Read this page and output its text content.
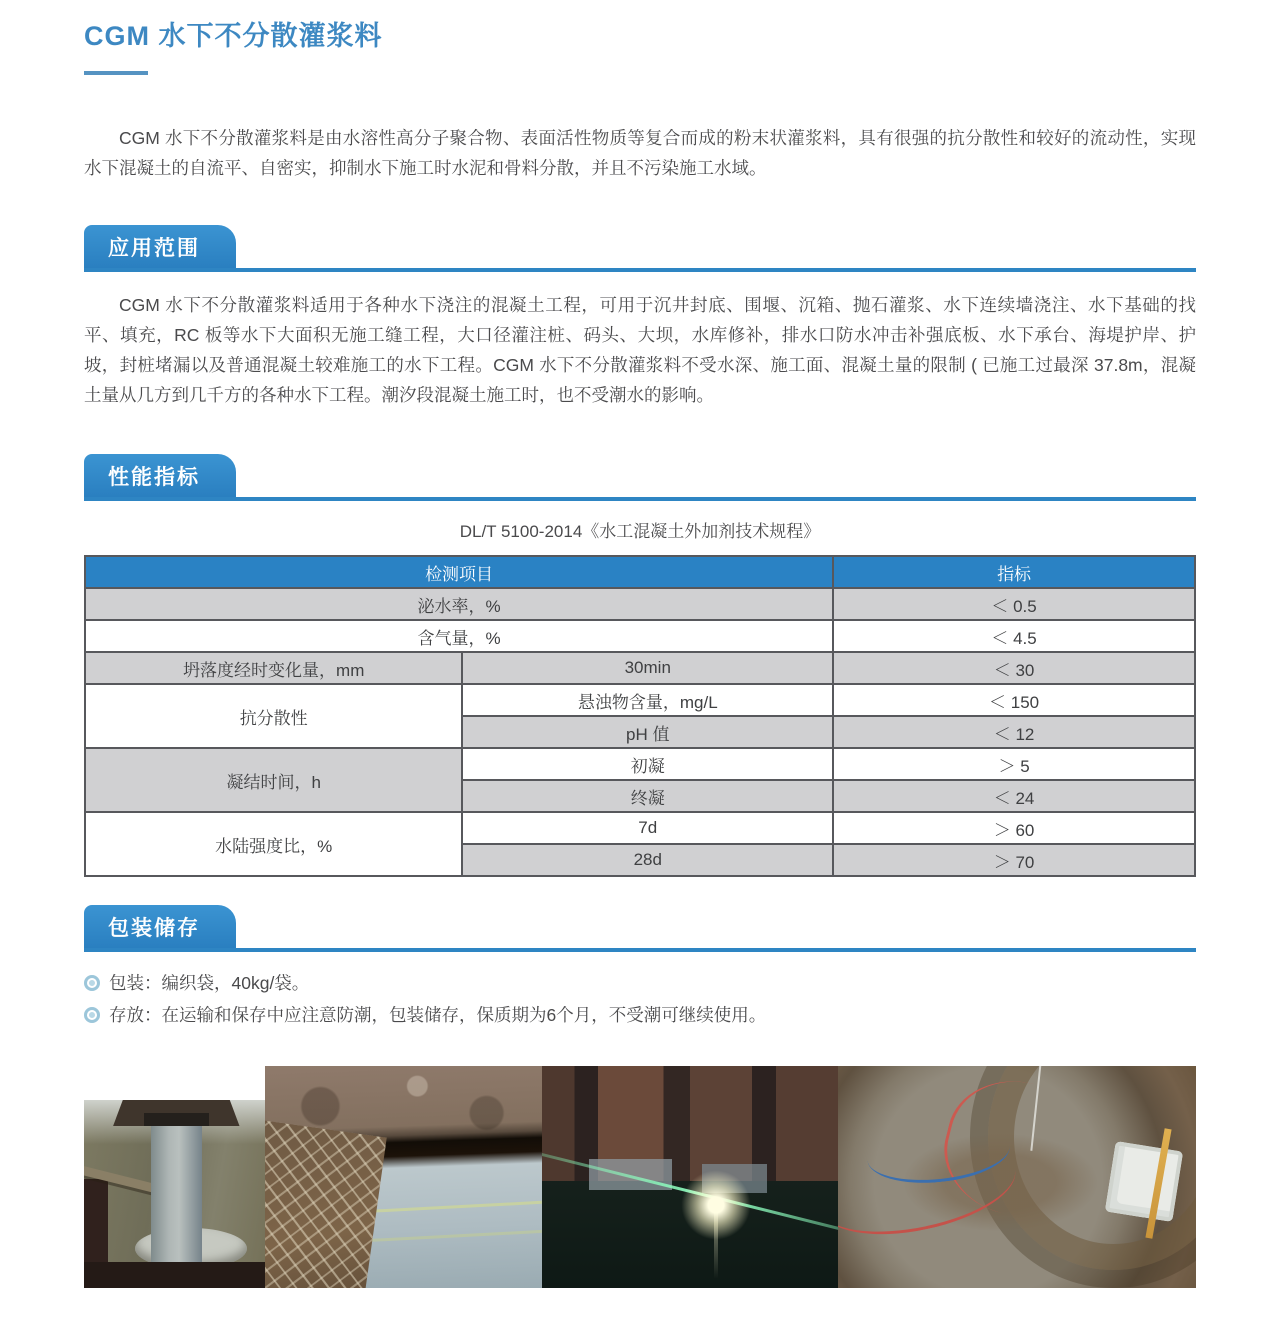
CGM 水下不分散灌浆料

CGM 水下不分散灌浆料是由水溶性高分子聚合物、表面活性物质等复合而成的粉末状灌浆料，具有很强的抗分散性和较好的流动性，实现水下混凝土的自流平、自密实，抑制水下施工时水泥和骨料分散，并且不污染施工水域。

应用范围

CGM 水下不分散灌浆料适用于各种水下浇注的混凝土工程，可用于沉井封底、围堰、沉箱、抛石灌浆、水下连续墙浇注、水下基础的找平、填充，RC 板等水下大面积无施工缝工程，大口径灌注桩、码头、大坝，水库修补，排水口防水冲击补强底板、水下承台、海堤护岸、护坡，封桩堵漏以及普通混凝土较难施工的水下工程。CGM 水下不分散灌浆料不受水深、施工面、混凝土量的限制 ( 已施工过最深 37.8m，混凝土量从几方到几千方的各种水下工程。潮汐段混凝土施工时，也不受潮水的影响。

性能指标

DL/T 5100-2014《水工混凝土外加剂技术规程》

检测项目		指标
泌水率，%		＜ 0.5
含气量，%		＜ 4.5
坍落度经时变化量，mm	30min	＜ 30
抗分散性	悬浊物含量，mg/L	＜ 150
	pH 值	＜ 12
凝结时间，h	初凝	＞ 5
	终凝	＜ 24
水陆强度比，%	7d	＞ 60
	28d	＞ 70
包装储存
包装：编织袋，40kg/袋。
存放：在运输和保存中应注意防潮，包装储存，保质期为6个月，不受潮可继续使用。
